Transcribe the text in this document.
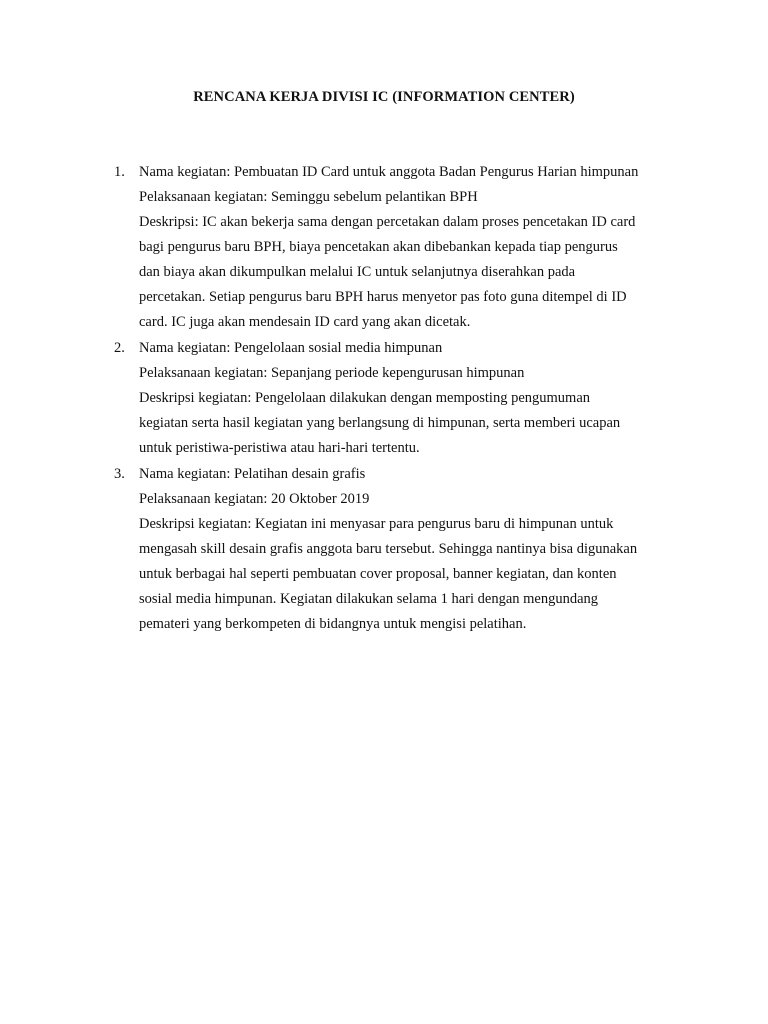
RENCANA KERJA DIVISI IC (INFORMATION CENTER)
1. Nama kegiatan: Pembuatan ID Card untuk anggota Badan Pengurus Harian himpunan
Pelaksanaan kegiatan: Seminggu sebelum pelantikan BPH
Deskripsi: IC akan bekerja sama dengan percetakan dalam proses pencetakan ID card
bagi pengurus baru BPH, biaya pencetakan akan dibebankan kepada tiap pengurus
dan biaya akan dikumpulkan melalui IC untuk selanjutnya diserahkan pada
percetakan. Setiap pengurus baru BPH harus menyetor pas foto guna ditempel di ID
card. IC juga akan mendesain ID card yang akan dicetak.
2. Nama kegiatan: Pengelolaan sosial media himpunan
Pelaksanaan kegiatan: Sepanjang periode kepengurusan himpunan
Deskripsi kegiatan: Pengelolaan dilakukan dengan memposting pengumuman
kegiatan serta hasil kegiatan yang berlangsung di himpunan, serta memberi ucapan
untuk peristiwa-peristiwa atau hari-hari tertentu.
3. Nama kegiatan: Pelatihan desain grafis
Pelaksanaan kegiatan: 20 Oktober 2019
Deskripsi kegiatan: Kegiatan ini menyasar para pengurus baru di himpunan untuk
mengasah skill desain grafis anggota baru tersebut. Sehingga nantinya bisa digunakan
untuk berbagai hal seperti pembuatan cover proposal, banner kegiatan, dan konten
sosial media himpunan. Kegiatan dilakukan selama 1 hari dengan mengundang
pemateri yang berkompeten di bidangnya untuk mengisi pelatihan.
